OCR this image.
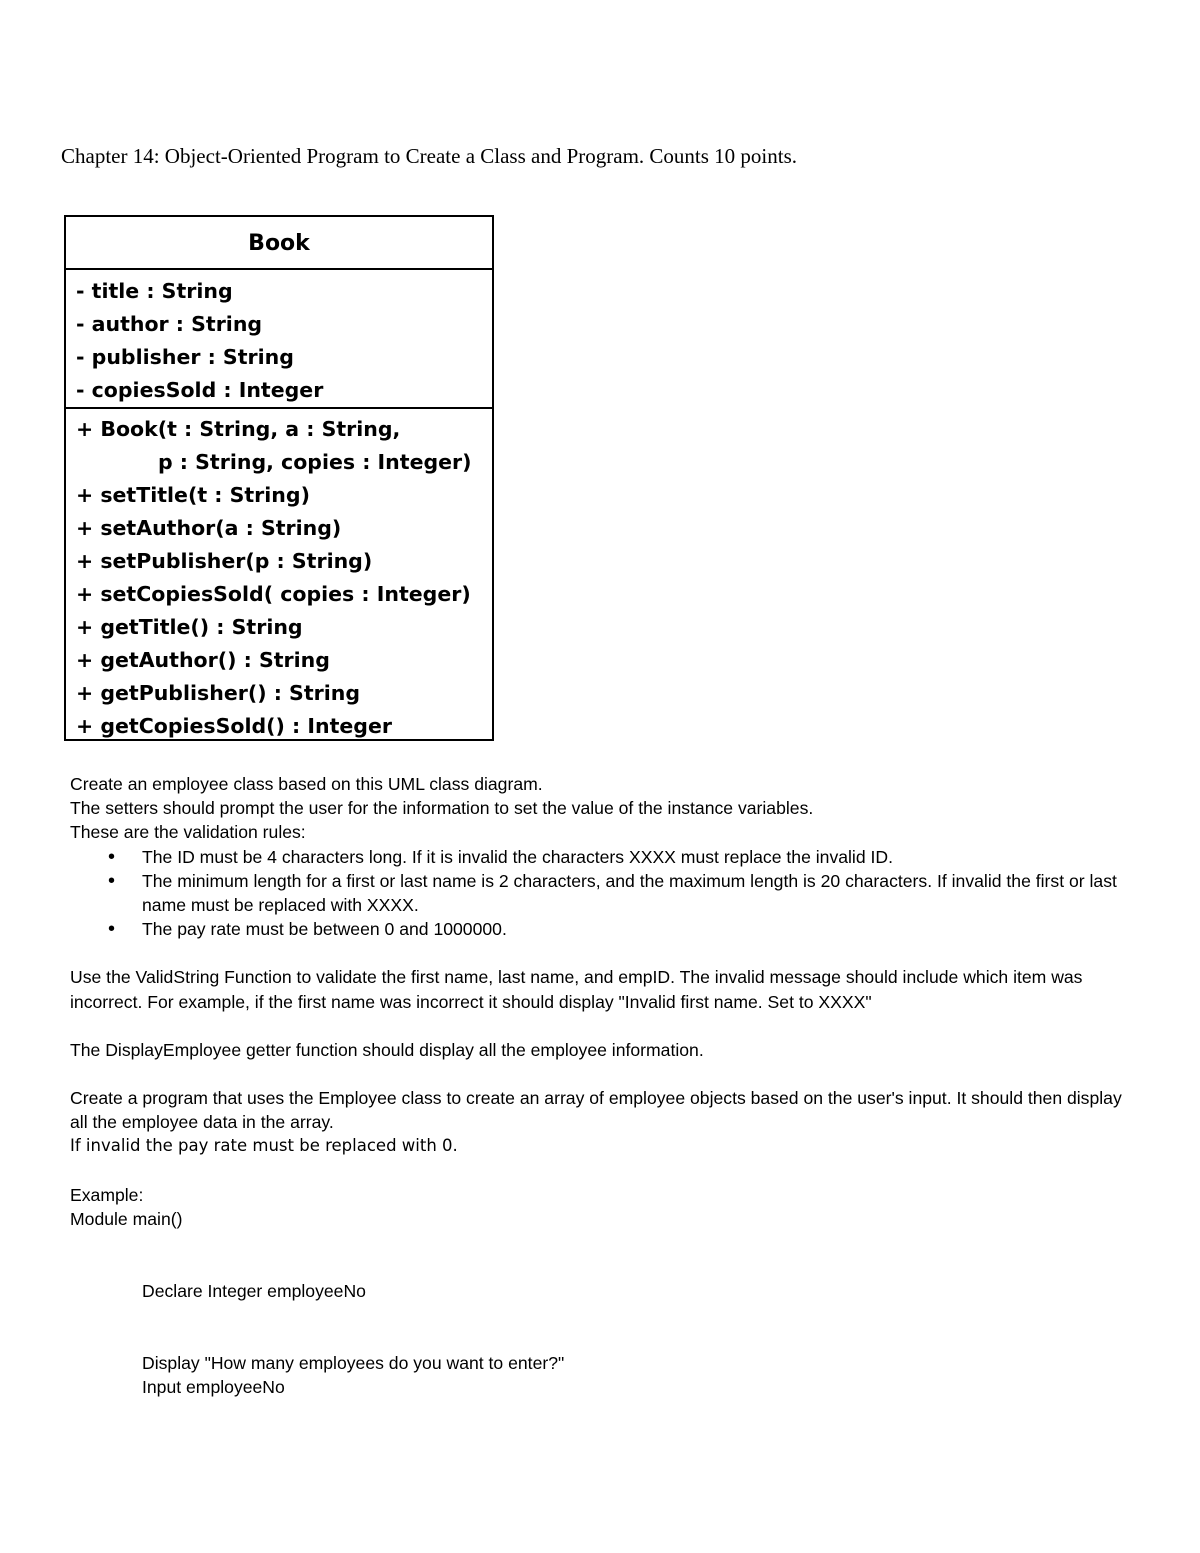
Chapter 14: Object-Oriented Program to Create a Class and Program. Counts 10 points.
Book
- title : String
- author : String
- publisher : String
- copiesSold : Integer
+ Book(t : String, a : String,
p : String, copies : Integer)
+ setTitle(t : String)
+ setAuthor(a : String)
+ setPublisher(p : String)
+ setCopiesSold( copies : Integer)
+ getTitle() : String
+ getAuthor() : String
+ getPublisher() : String
+ getCopiesSold() : Integer

Create an employee class based on this UML class diagram.

The setters should prompt the user for the information to set the value of the instance variables.

These are the validation rules:

• The ID must be 4 characters long. If it is invalid the characters XXXX must replace the invalid ID.
• The minimum length for a first or last name is 2 characters, and the maximum length is 20 characters. If invalid the first or last name must be replaced with XXXX.
• The pay rate must be between 0 and 1000000.

Use the ValidString Function to validate the first name, last name, and empID. The invalid message should include which item was incorrect. For example, if the first name was incorrect it should display "Invalid first name. Set to XXXX"

The DisplayEmployee getter function should display all the employee information.

Create a program that uses the Employee class to create an array of employee objects based on the user's input. It should then display all the employee data in the array.

If invalid the pay rate must be replaced with 0.

Example:

Module main()

Declare Integer employeeNo

Display "How many employees do you want to enter?"

Input employeeNo
